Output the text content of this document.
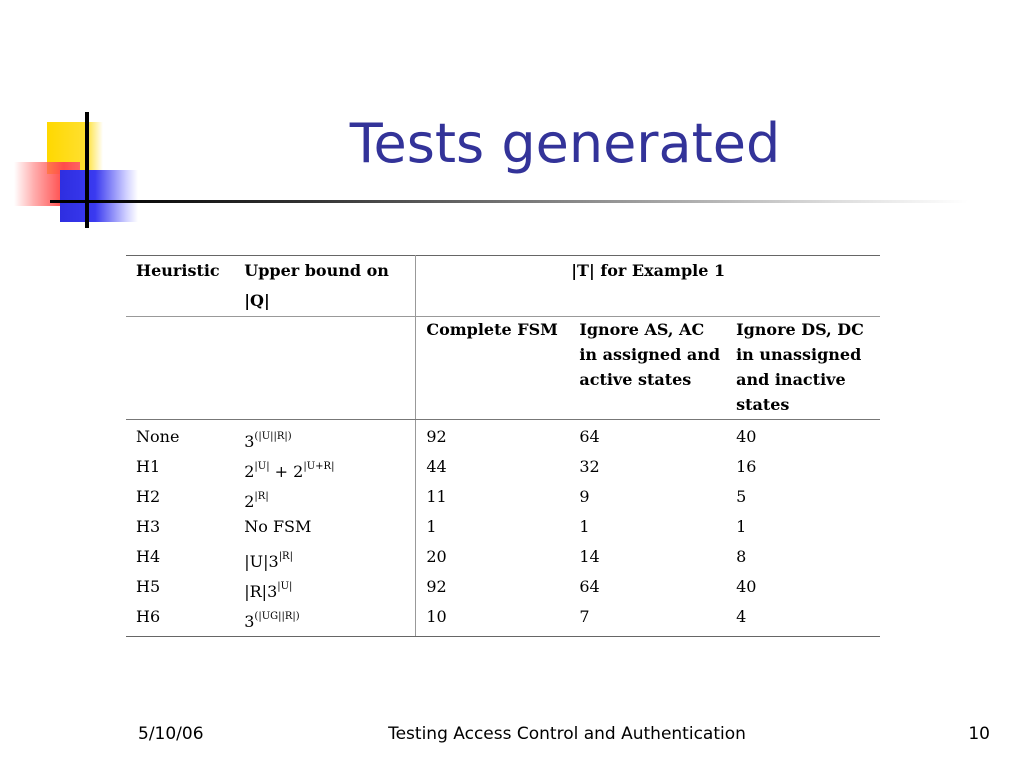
Tests generated
Heuristic	Upper bound on |Q|	|T| for Example 1		
		Complete FSM	Ignore AS, AC in assigned and active states	Ignore DS, DC in unassigned and inactive states
None	$3^{(|U||R|)}$	92	64	40
H1	$2^{|U|} + 2^{|U+R|}$	44	32	16
H2	$2^{|R|}$	11	9	5
H3	No FSM	1	1	1
H4	$|U|3^{|R|}$	20	14	8
H5	$|R|3^{|U|}$	92	64	40
H6	$3^{(|UG||R|)}$	10	7	4
5/10/06	Testing Access Control and Authentication	10
